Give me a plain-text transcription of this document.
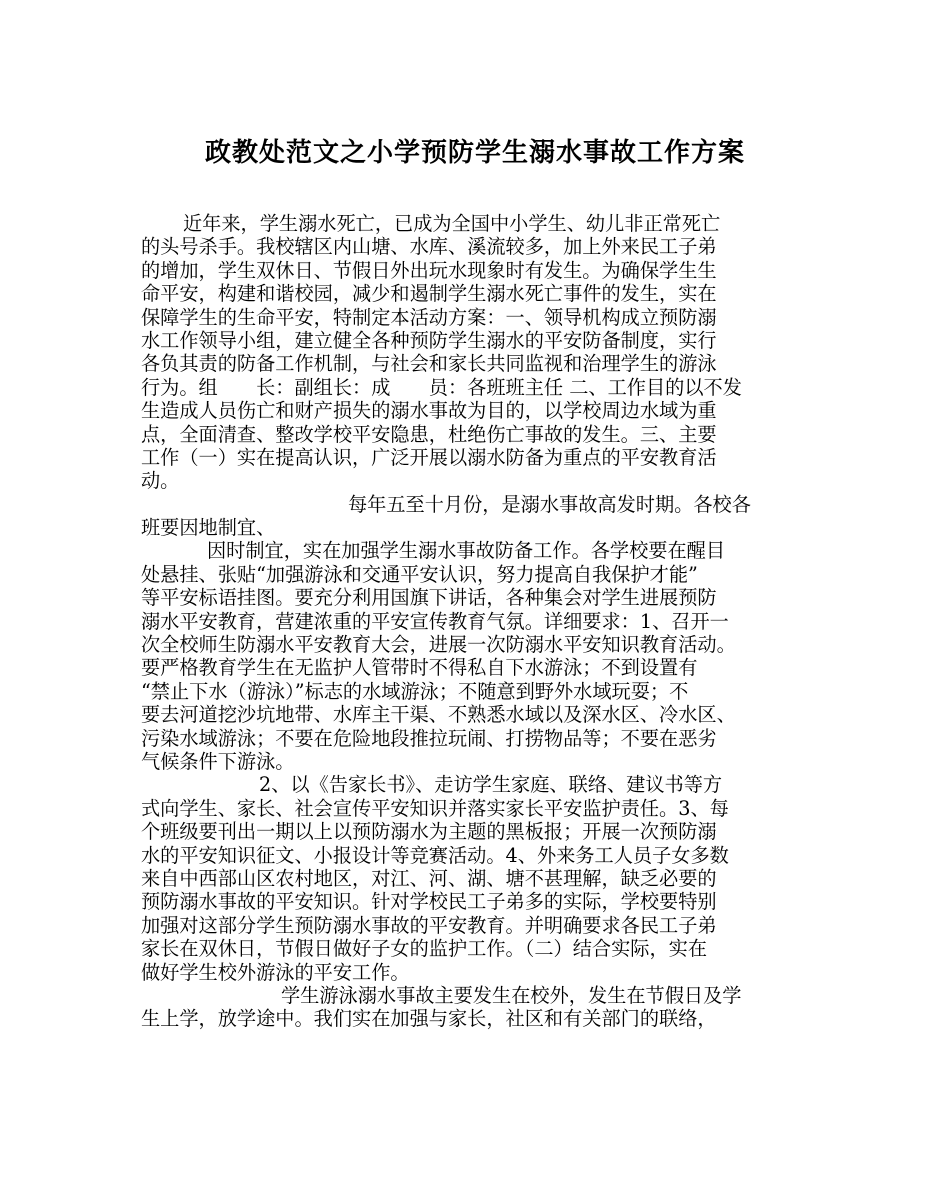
政教处范文之小学预防学生溺水事故工作方案
近年来，学生溺水死亡，已成为全国中小学生、幼儿非正常死亡
的头号杀手。我校辖区内山塘、水库、溪流较多，加上外来民工子弟
的增加，学生双休日、节假日外出玩水现象时有发生。为确保学生生
命平安，构建和谐校园，减少和遏制学生溺水死亡事件的发生，实在
保障学生的生命平安，特制定本活动方案：一、领导机构成立预防溺
水工作领导小组，建立健全各种预防学生溺水的平安防备制度，实行
各负其责的防备工作机制，与社会和家长共同监视和治理学生的游泳
行为。组　　长：副组长：成　　员：各班班主任 二、工作目的以不发
生造成人员伤亡和财产损失的溺水事故为目的，以学校周边水域为重
点，全面清查、整改学校平安隐患，杜绝伤亡事故的发生。三、主要
工作（一）实在提高认识，广泛开展以溺水防备为重点的平安教育活
动。
每年五至十月份，是溺水事故高发时期。各校各
班要因地制宜、
因时制宜，实在加强学生溺水事故防备工作。各学校要在醒目
处悬挂、张贴“加强游泳和交通平安认识，努力提高自我保护才能”
等平安标语挂图。要充分利用国旗下讲话，各种集会对学生进展预防
溺水平安教育，营建浓重的平安宣传教育气氛。详细要求：1、召开一
次全校师生防溺水平安教育大会，进展一次防溺水平安知识教育活动。
要严格教育学生在无监护人管带时不得私自下水游泳；不到设置有
“禁止下水（游泳）”标志的水域游泳；不随意到野外水域玩耍；不
要去河道挖沙坑地带、水库主干渠、不熟悉水域以及深水区、冷水区、
污染水域游泳；不要在危险地段推拉玩闹、打捞物品等；不要在恶劣
气候条件下游泳。
2、以《告家长书》、走访学生家庭、联络、建议书等方
式向学生、家长、社会宣传平安知识并落实家长平安监护责任。3、每
个班级要刊出一期以上以预防溺水为主题的黑板报；开展一次预防溺
水的平安知识征文、小报设计等竞赛活动。4、外来务工人员子女多数
来自中西部山区农村地区，对江、河、湖、塘不甚理解，缺乏必要的
预防溺水事故的平安知识。针对学校民工子弟多的实际，学校要特别
加强对这部分学生预防溺水事故的平安教育。并明确要求各民工子弟
家长在双休日，节假日做好子女的监护工作。（二）结合实际，实在
做好学生校外游泳的平安工作。
学生游泳溺水事故主要发生在校外，发生在节假日及学
生上学，放学途中。我们实在加强与家长，社区和有关部门的联络，
